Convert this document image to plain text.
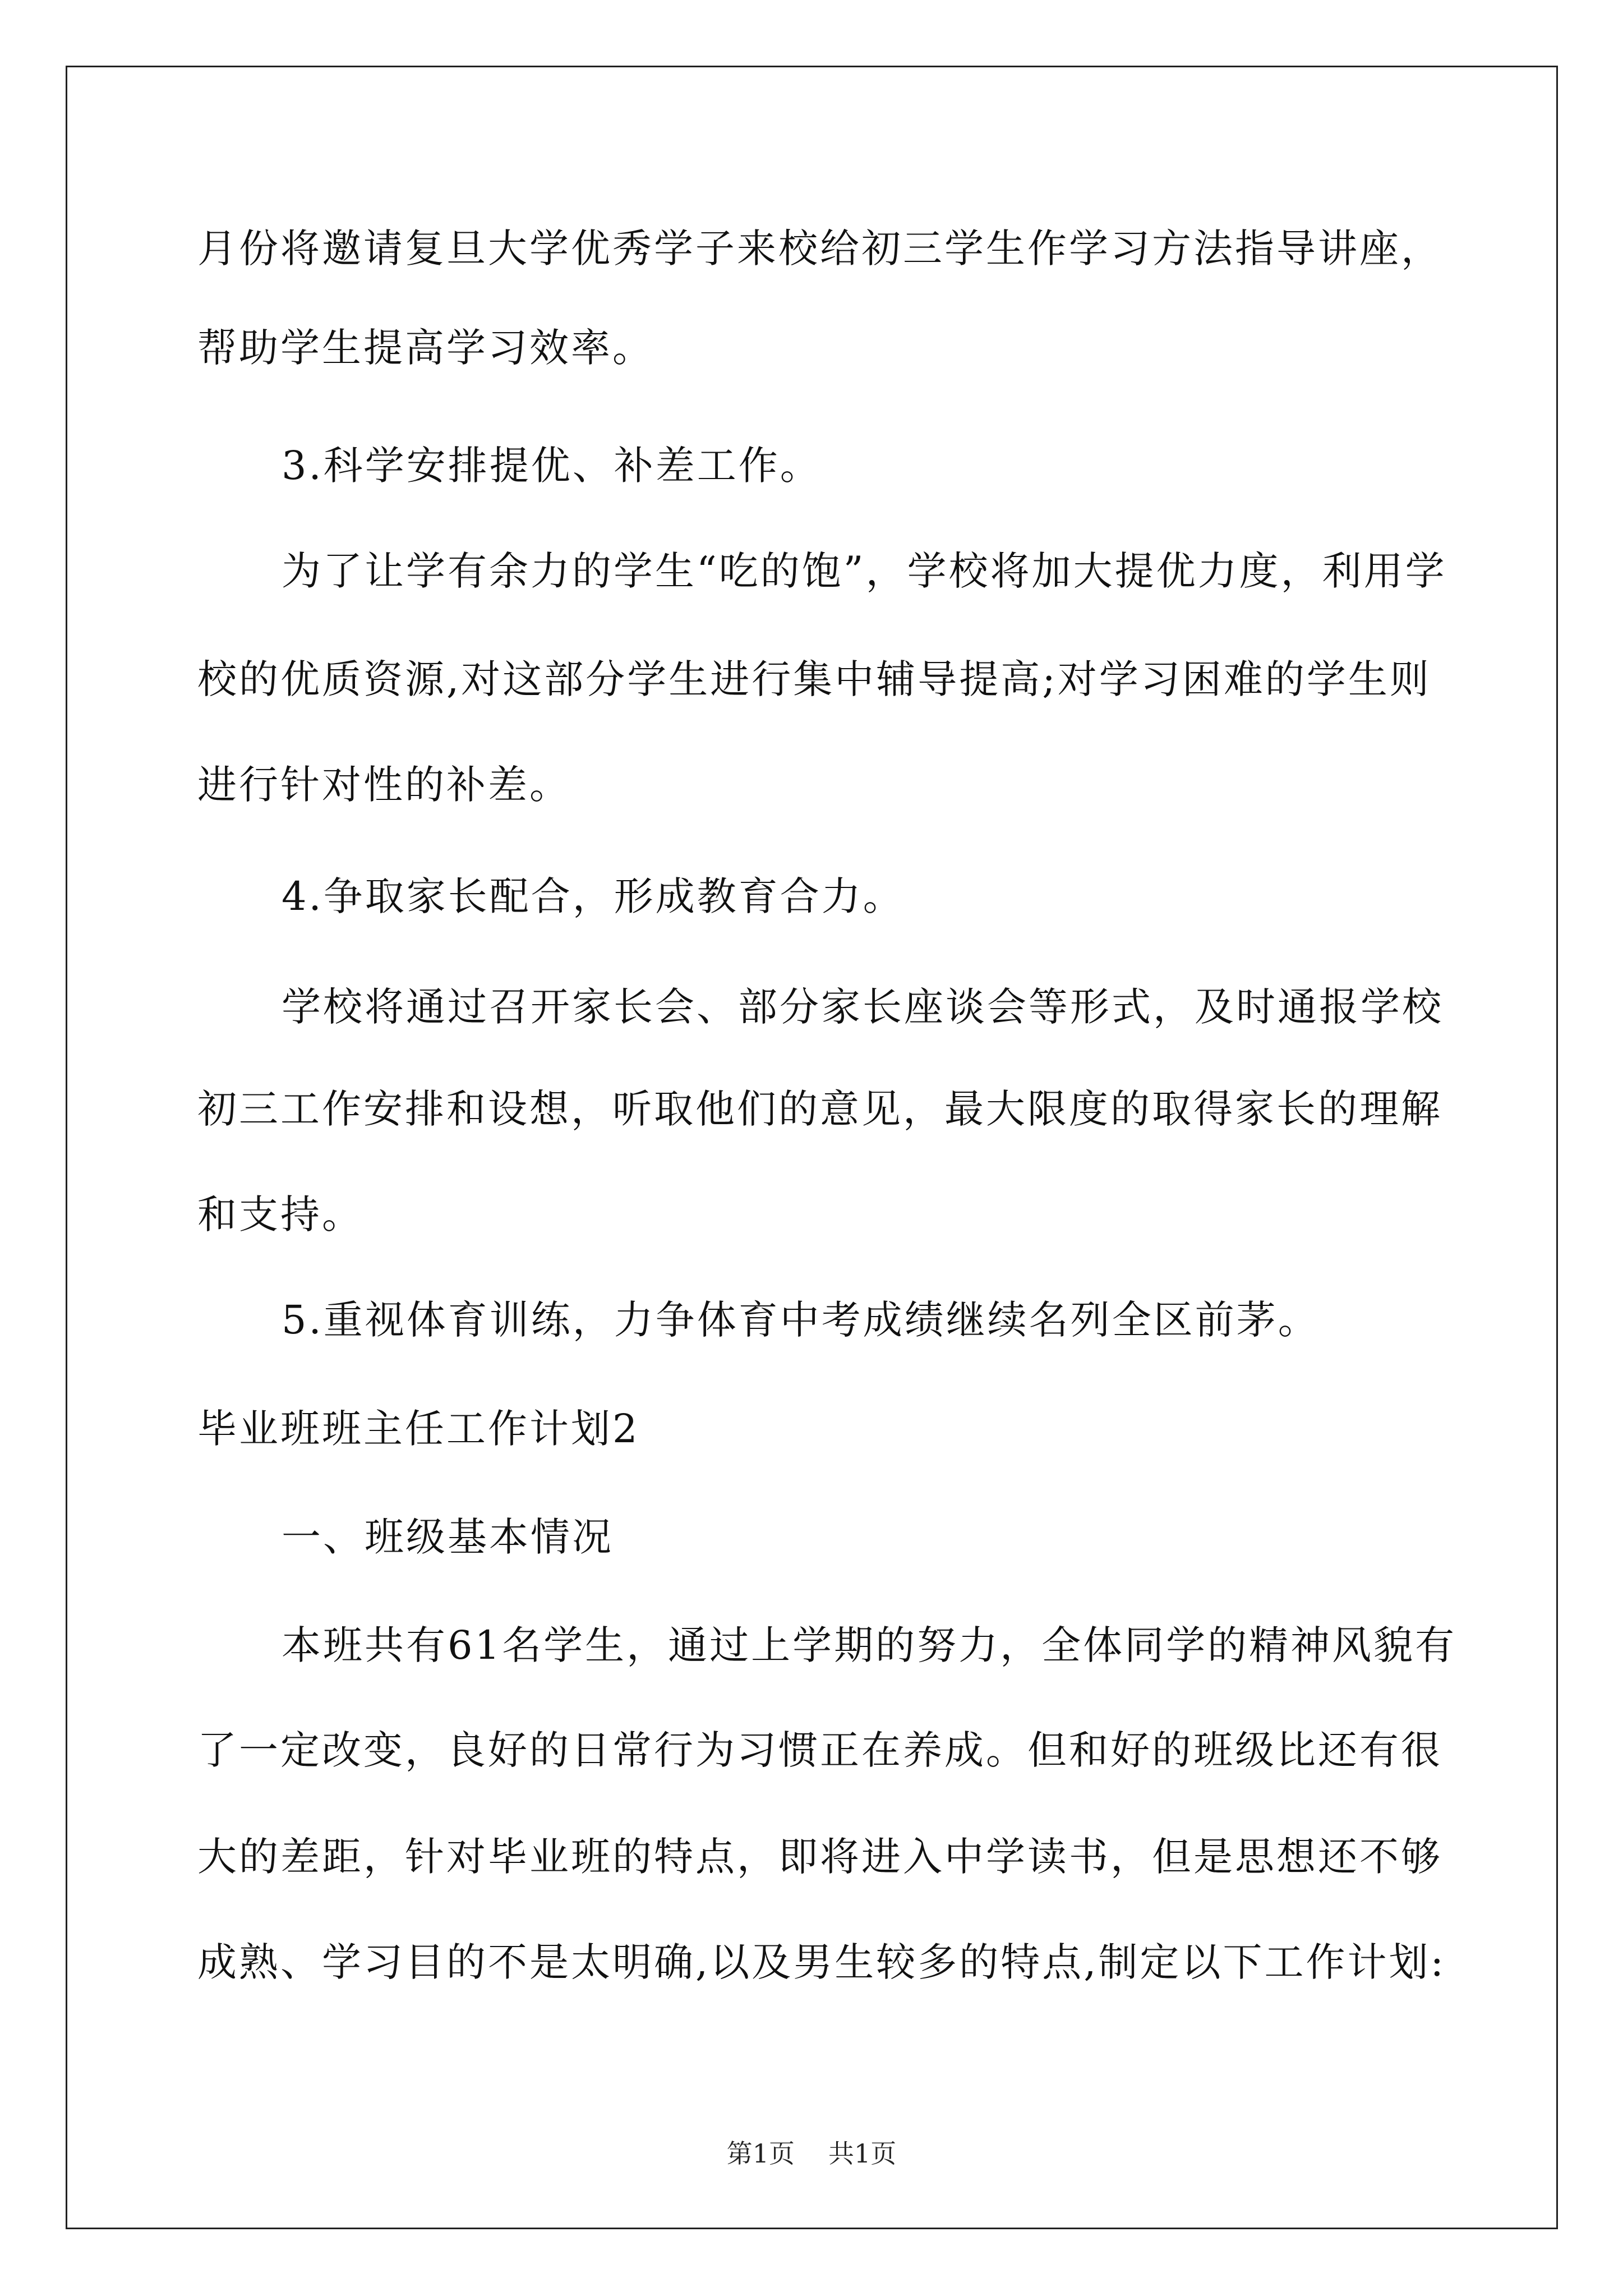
月份将邀请复旦大学优秀学子来校给初三学生作学习方法指导讲座，
帮助学生提高学习效率。
3.科学安排提优、补差工作。
为了让学有余力的学生“吃的饱”，学校将加大提优力度，利用学
校的优质资源,对这部分学生进行集中辅导提高;对学习困难的学生则
进行针对性的补差。
4.争取家长配合，形成教育合力。
学校将通过召开家长会、部分家长座谈会等形式，及时通报学校
初三工作安排和设想，听取他们的意见，最大限度的取得家长的理解
和支持。
5.重视体育训练，力争体育中考成绩继续名列全区前茅。
毕业班班主任工作计划2
一、班级基本情况
本班共有61名学生，通过上学期的努力，全体同学的精神风貌有
了一定改变，良好的日常行为习惯正在养成。但和好的班级比还有很
大的差距，针对毕业班的特点，即将进入中学读书，但是思想还不够
成熟、学习目的不是太明确,以及男生较多的特点,制定以下工作计划:
第1页 共1页
